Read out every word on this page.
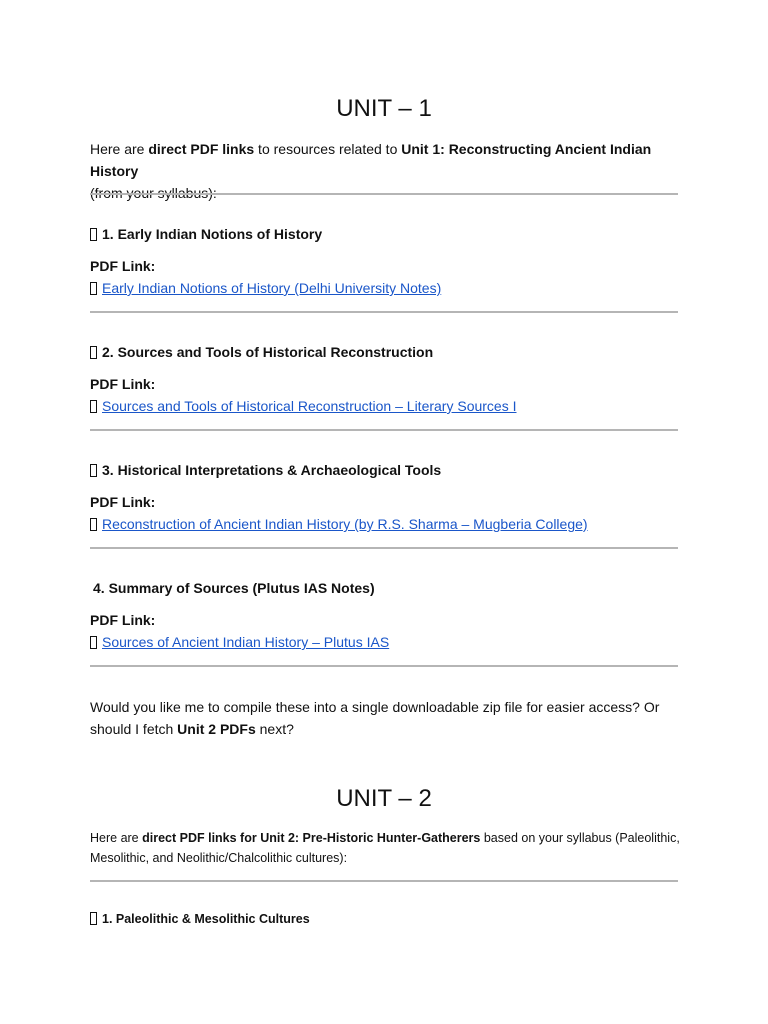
UNIT – 1
Here are direct PDF links to resources related to Unit 1: Reconstructing Ancient Indian History
(from your syllabus):
1. Early Indian Notions of History
PDF Link:
Early Indian Notions of History (Delhi University Notes)
2. Sources and Tools of Historical Reconstruction
PDF Link:
Sources and Tools of Historical Reconstruction – Literary Sources I
3. Historical Interpretations & Archaeological Tools
PDF Link:
Reconstruction of Ancient Indian History (by R.S. Sharma – Mugberia College)
4. Summary of Sources (Plutus IAS Notes)
PDF Link:
Sources of Ancient Indian History – Plutus IAS
Would you like me to compile these into a single downloadable zip file for easier access? Or should I fetch Unit 2 PDFs next?
UNIT – 2
Here are direct PDF links for Unit 2: Pre-Historic Hunter-Gatherers based on your syllabus (Paleolithic, Mesolithic, and Neolithic/Chalcolithic cultures):
1. Paleolithic & Mesolithic Cultures
